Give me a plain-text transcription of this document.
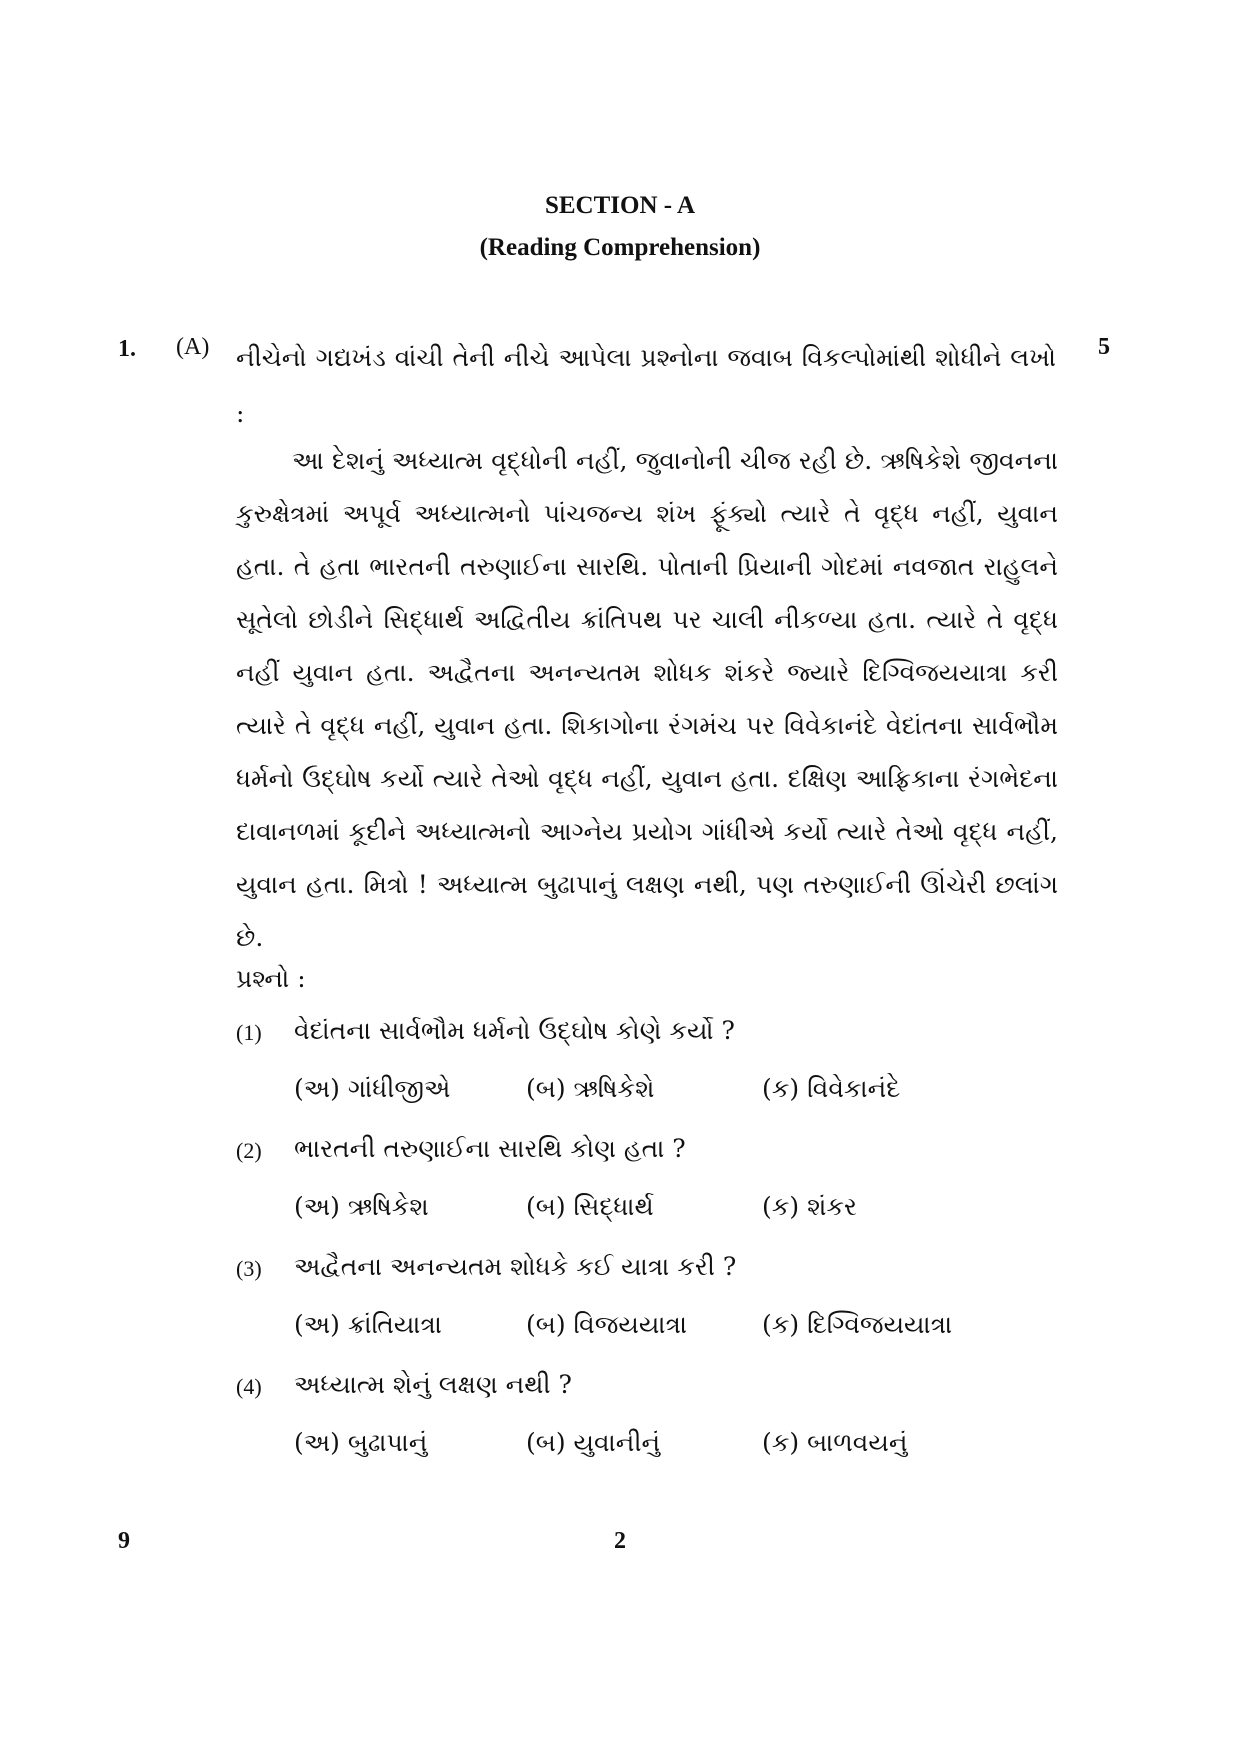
SECTION - A
(Reading Comprehension)
1. (A)	5
નીચેનો ગદ્યખંડ વાંચી તેની નીચે આપેલા પ્રશ્નોના જવાબ વિકલ્પોમાંથી શોધીને લખો :

આ દેશનું અધ્યાત્મ વૃદ્ધોની નહીં, જુવાનોની ચીજ રહી છે. ઋષિકેશે જીવનના કુરુક્ષેત્રમાં અપૂર્વ અધ્યાત્મનો પાંચજન્ય શંખ ફૂંક્યો ત્યારે તે વૃદ્ધ નહીં, યુવાન હતા. તે હતા ભારતની તરુણાઈના સારથિ. પોતાની પ્રિયાની ગોદમાં નવજાત રાહુલને સૂતેલો છોડીને સિદ્ધાર્થ અદ્વિતીય ક્રાંતિપથ પર ચાલી નીકળ્યા હતા. ત્યારે તે વૃદ્ધ નહીં યુવાન હતા. અદ્વૈતના અનન્યતમ શોધક શંકરે જ્યારે દિગ્વિજયયાત્રા કરી ત્યારે તે વૃદ્ધ નહીં, યુવાન હતા. શિકાગોના રંગમંચ પર વિવેકાનંદે વેદાંતના સાર્વભૌમ ધર્મનો ઉદ્‌ઘોષ કર્યો ત્યારે તેઓ વૃદ્ધ નહીં, યુવાન હતા. દક્ષિણ આફ્રિકાના રંગભેદના દાવાનળમાં કૂદીને અધ્યાત્મનો આગ્નેય પ્રયોગ ગાંધીએ કર્યો ત્યારે તેઓ વૃદ્ધ નહીં, યુવાન હતા. મિત્રો ! અધ્યાત્મ બુઢાપાનું લક્ષણ નથી, પણ તરુણાઈની ઊંચેરી છલાંગ છે.

પ્રશ્નો :
(1) વેદાંતના સાર્વભૌમ ધર્મનો ઉદ્‌ઘોષ કોણે કર્યો ?
(અ) ગાંધીજીએ	(બ) ઋષિકેશે	(ક) વિવેકાનંદે
(2) ભારતની તરુણાઈના સારથિ કોણ હતા ?
(અ) ઋષિકેશ	(બ) સિદ્ધાર્થ	(ક) શંકર
(3) અદ્વૈતના અનન્યતમ શોધકે કઈ યાત્રા કરી ?
(અ) ક્રાંતિયાત્રા	(બ) વિજયયાત્રા	(ક) દિગ્વિજયયાત્રા
(4) અધ્યાત્મ શેનું લક્ષણ નથી ?
(અ) બુઢાપાનું	(બ) યુવાનીનું	(ક) બાળવયનું
9	2
